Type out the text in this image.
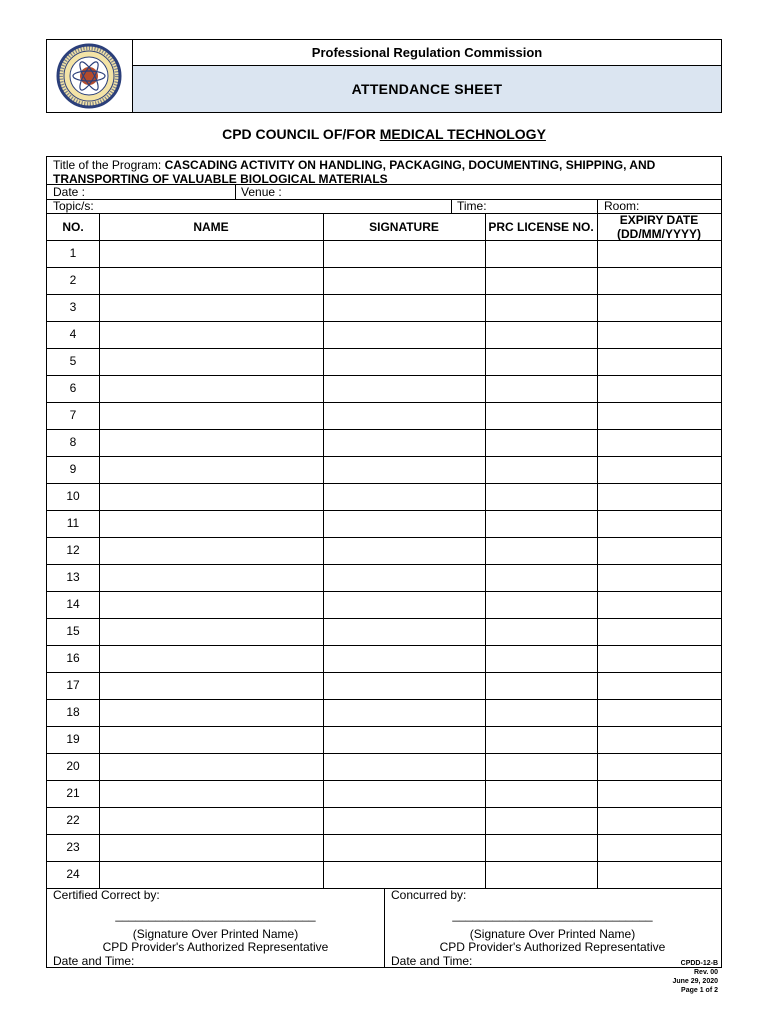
Professional Regulation Commission
ATTENDANCE SHEET
CPD COUNCIL OF/FOR MEDICAL TECHNOLOGY
Title of the Program: CASCADING ACTIVITY ON HANDLING, PACKAGING, DOCUMENTING, SHIPPING, AND TRANSPORTING OF VALUABLE BIOLOGICAL MATERIALS
Date :	Venue :
Topic/s:	Time:	Room:
NO.	NAME	SIGNATURE	PRC LICENSE NO.	EXPIRY DATE (DD/MM/YYYY)
1
2
3
4
5
6
7
8
9
10
11
12
13
14
15
16
17
18
19
20
21
22
23
24
Certified Correct by:
______________________________
(Signature Over Printed Name)
CPD Provider's Authorized Representative
Date and Time:
Concurred by:
______________________________
(Signature Over Printed Name)
CPD Provider's Authorized Representative
Date and Time:	CPDD-12-B
Rev. 00
June 29, 2020
Page 1 of 2
